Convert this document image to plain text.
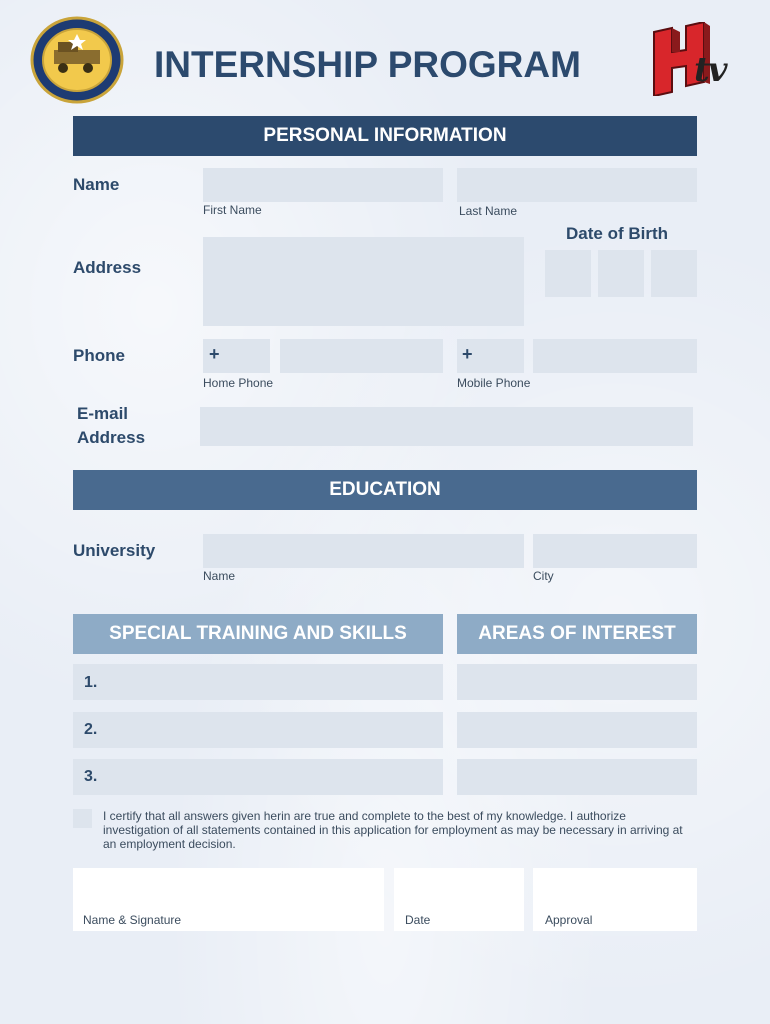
INTERNSHIP PROGRAM	tv
PERSONAL INFORMATION
Name
First Name	Last Name
Date of Birth
Address
Phone	+	+
Home Phone	Mobile Phone
E-mail
Address
EDUCATION
University
Name	City
SPECIAL TRAINING AND SKILLS	AREAS OF INTEREST
1.
2.
3.
I certify that all answers given herin are true and complete to the best of my knowledge. I authorize investigation of all statements contained in this application for employment as may be necessary in arriving at an employment decision.
Name & Signature	Date	Approval
